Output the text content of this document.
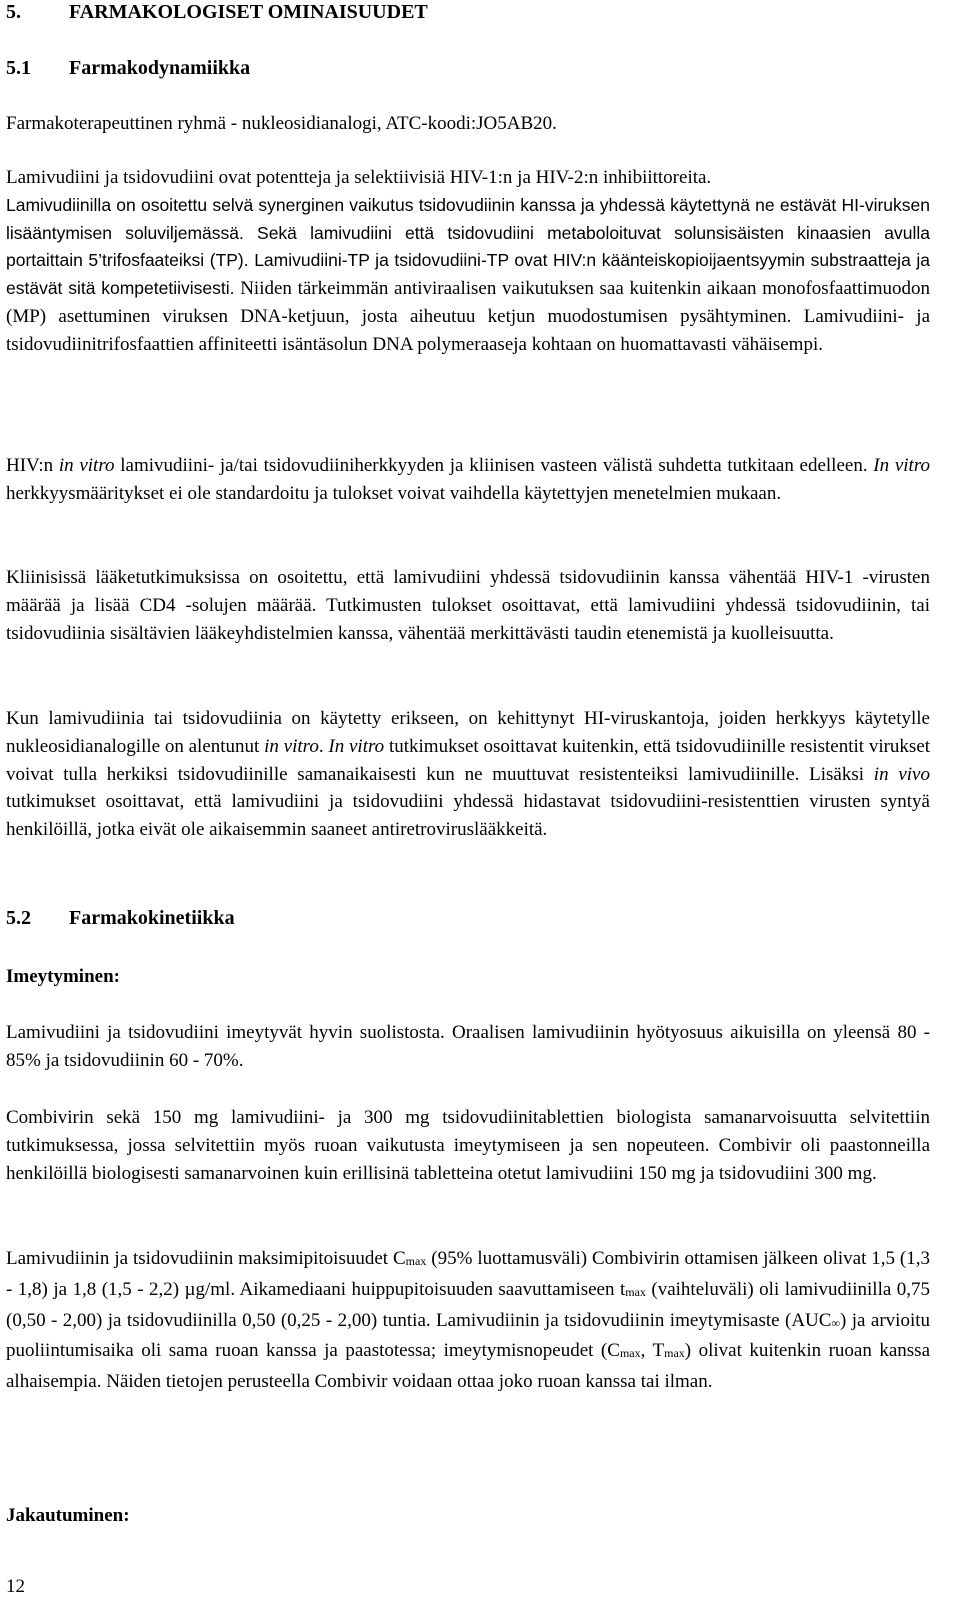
5. FARMAKOLOGISET OMINAISUUDET
5.1 Farmakodynamiikka
Farmakoterapeuttinen ryhmä - nukleosidianalogi, ATC-koodi:JO5AB20.
Lamivudiini ja tsidovudiini ovat potentteja ja selektiivisiä HIV-1:n ja HIV-2:n inhibiittoreita.
Lamivudiinilla on osoitettu selvä synerginen vaikutus tsidovudiinin kanssa ja yhdessä käytettynä ne estävät HI-viruksen lisääntymisen soluviljemässä. Sekä lamivudiini että tsidovudiini metaboloituvat solunsisäisten kinaasien avulla portaittain 5’trifosfaateiksi (TP). Lamivudiini-TP ja tsidovudiini-TP ovat HIV:n käänteiskopioijaentsyymin substraatteja ja estävät sitä kompetetiivisesti. Niiden tärkeimmän antiviraalisen vaikutuksen saa kuitenkin aikaan monofosfaattimuodon (MP) asettuminen viruksen DNA-ketjuun, josta aiheutuu ketjun muodostumisen pysähtyminen. Lamivudiini- ja tsidovudiinitrifosfaattien affiniteetti isäntäsolun DNA polymeraaseja kohtaan on huomattavasti vähäisempi.
HIV:n in vitro lamivudiini- ja/tai tsidovudiiniherkkyyden ja kliinisen vasteen välistä suhdetta tutkitaan edelleen. In vitro herkkyysmääritykset ei ole standardoitu ja tulokset voivat vaihdella käytettyjen menetelmien mukaan.
Kliinisissä lääketutkimuksissa on osoitettu, että lamivudiini yhdessä tsidovudiinin kanssa vähentää HIV-1 -virusten määrää ja lisää CD4 -solujen määrää. Tutkimusten tulokset osoittavat, että lamivudiini yhdessä tsidovudiinin, tai tsidovudiinia sisältävien lääkeyhdistelmien kanssa, vähentää merkittävästi taudin etenemistä ja kuolleisuutta.
Kun lamivudiinia tai tsidovudiinia on käytetty erikseen, on kehittynyt HI-viruskantoja, joiden herkkyys käytetylle nukleosidianalogille on alentunut in vitro. In vitro tutkimukset osoittavat kuitenkin, että tsidovudiinille resistentit virukset voivat tulla herkiksi tsidovudiinille samanaikaisesti kun ne muuttuvat resistenteiksi lamivudiinille. Lisäksi in vivo tutkimukset osoittavat, että lamivudiini ja tsidovudiini yhdessä hidastavat tsidovudiini-resistenttien virusten syntyä henkilöillä, jotka eivät ole aikaisemmin saaneet antiretroviruslääkkeitä.
5.2 Farmakokinetiikka
Imeytyminen:
Lamivudiini ja tsidovudiini imeytyvät hyvin suolistosta. Oraalisen lamivudiinin hyötyosuus aikuisilla on yleensä 80 - 85% ja tsidovudiinin 60 - 70%.
Combivirin sekä 150 mg lamivudiini- ja 300 mg tsidovudiinitablettien biologista samanarvoisuutta selvitettiin tutkimuksessa, jossa selvitettiin myös ruoan vaikutusta imeytymiseen ja sen nopeuteen. Combivir oli paastonneilla henkilöillä biologisesti samanarvoinen kuin erillisinä tabletteina otetut lamivudiini 150 mg ja tsidovudiini 300 mg.
Lamivudiinin ja tsidovudiinin maksimipitoisuudet Cmax (95% luottamusväli) Combivirin ottamisen jälkeen olivat 1,5 (1,3 - 1,8) ja 1,8 (1,5 - 2,2) µg/ml. Aikamediaani huippupitoisuuden saavuttamiseen tmax (vaihteluväli) oli lamivudiinilla 0,75 (0,50 - 2,00) ja tsidovudiinilla 0,50 (0,25 - 2,00) tuntia. Lamivudiinin ja tsidovudiinin imeytymisaste (AUC∞) ja arvioitu puoliintumisaika oli sama ruoan kanssa ja paastotessa; imeytymisnopeudet (Cmax, Tmax) olivat kuitenkin ruoan kanssa alhaisempia. Näiden tietojen perusteella Combivir voidaan ottaa joko ruoan kanssa tai ilman.
Jakautuminen:
12
